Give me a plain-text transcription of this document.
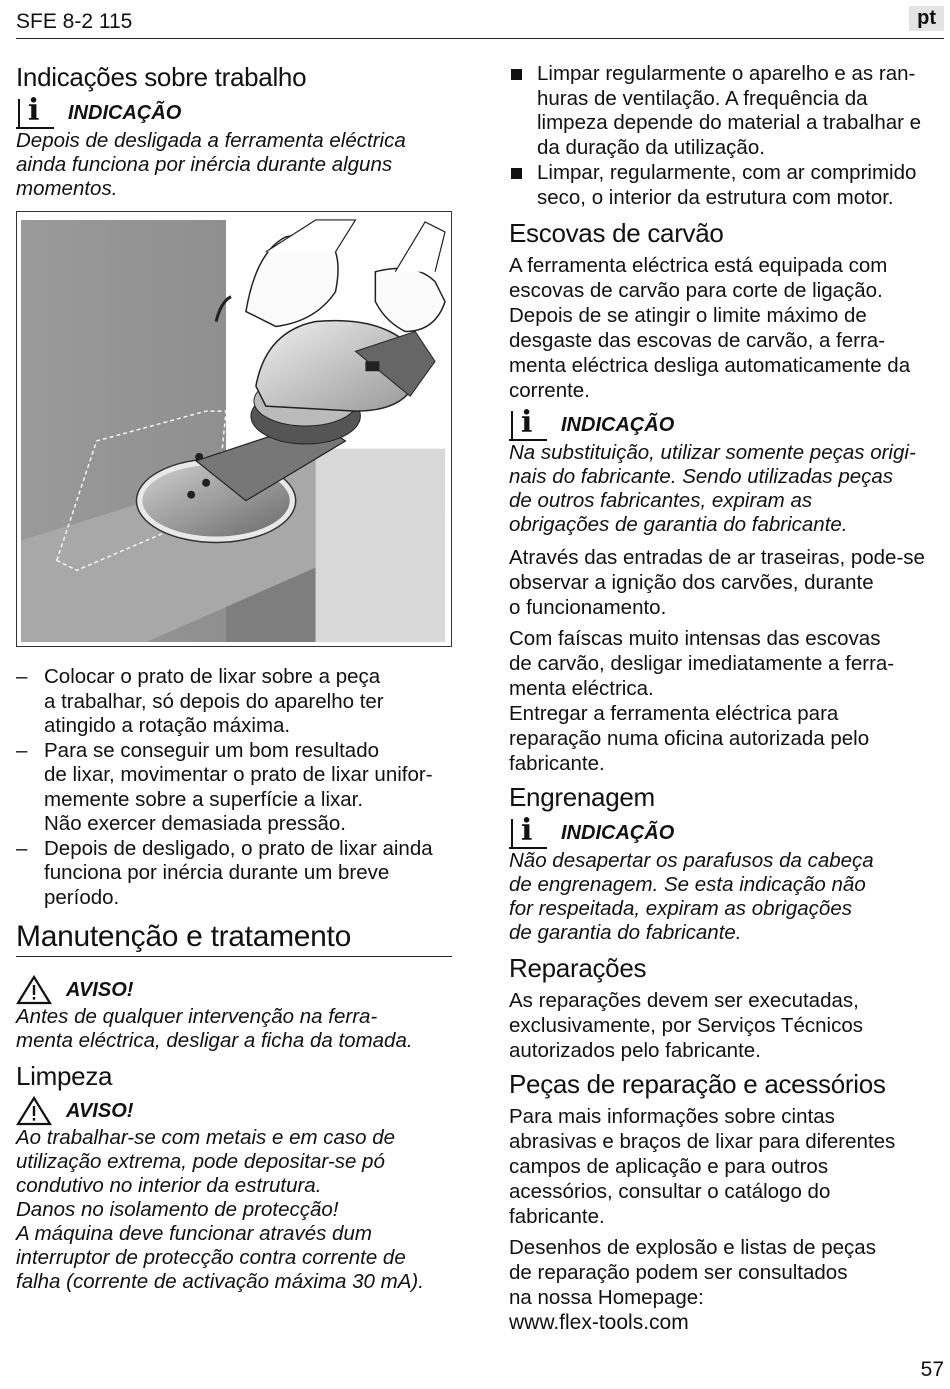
SFE 8-2 115	pt
Indicações sobre trabalho
i INDICAÇÃO
Depois de desligada a ferramenta eléctrica
ainda funciona por inércia durante alguns
momentos.
– Colocar o prato de lixar sobre a peça
a trabalhar, só depois do aparelho ter
atingido a rotação máxima.
– Para se conseguir um bom resultado
de lixar, movimentar o prato de lixar unifor-
memente sobre a superfície a lixar.
Não exercer demasiada pressão.
– Depois de desligado, o prato de lixar ainda
funciona por inércia durante um breve
período.
Manutenção e tratamento
AVISO!
Antes de qualquer intervenção na ferra-
menta eléctrica, desligar a ficha da tomada.
Limpeza
AVISO!
Ao trabalhar-se com metais e em caso de
utilização extrema, pode depositar-se pó
condutivo no interior da estrutura.
Danos no isolamento de protecção!
A máquina deve funcionar através dum
interruptor de protecção contra corrente de
falha (corrente de activação máxima 30 mA).
Limpar regularmente o aparelho e as ran-
huras de ventilação. A frequência da
limpeza depende do material a trabalhar e
da duração da utilização.
Limpar, regularmente, com ar comprimido
seco, o interior da estrutura com motor.
Escovas de carvão

A ferramenta eléctrica está equipada com
escovas de carvão para corte de ligação.
Depois de se atingir o limite máximo de
desgaste das escovas de carvão, a ferra-
menta eléctrica desliga automaticamente da
corrente.

i INDICAÇÃO
Na substituição, utilizar somente peças origi-
nais do fabricante. Sendo utilizadas peças
de outros fabricantes, expiram as
obrigações de garantia do fabricante.

Através das entradas de ar traseiras, pode-se
observar a ignição dos carvões, durante
o funcionamento.

Com faíscas muito intensas das escovas
de carvão, desligar imediatamente a ferra-
menta eléctrica.
Entregar a ferramenta eléctrica para
reparação numa oficina autorizada pelo
fabricante.

Engrenagem
i INDICAÇÃO
Não desapertar os parafusos da cabeça
de engrenagem. Se esta indicação não
for respeitada, expiram as obrigações
de garantia do fabricante.
Reparações

As reparações devem ser executadas,
exclusivamente, por Serviços Técnicos
autorizados pelo fabricante.

Peças de reparação e acessórios

Para mais informações sobre cintas
abrasivas e braços de lixar para diferentes
campos de aplicação e para outros
acessórios, consultar o catálogo do
fabricante.

Desenhos de explosão e listas de peças
de reparação podem ser consultados
na nossa Homepage:
www.flex-tools.com

57
